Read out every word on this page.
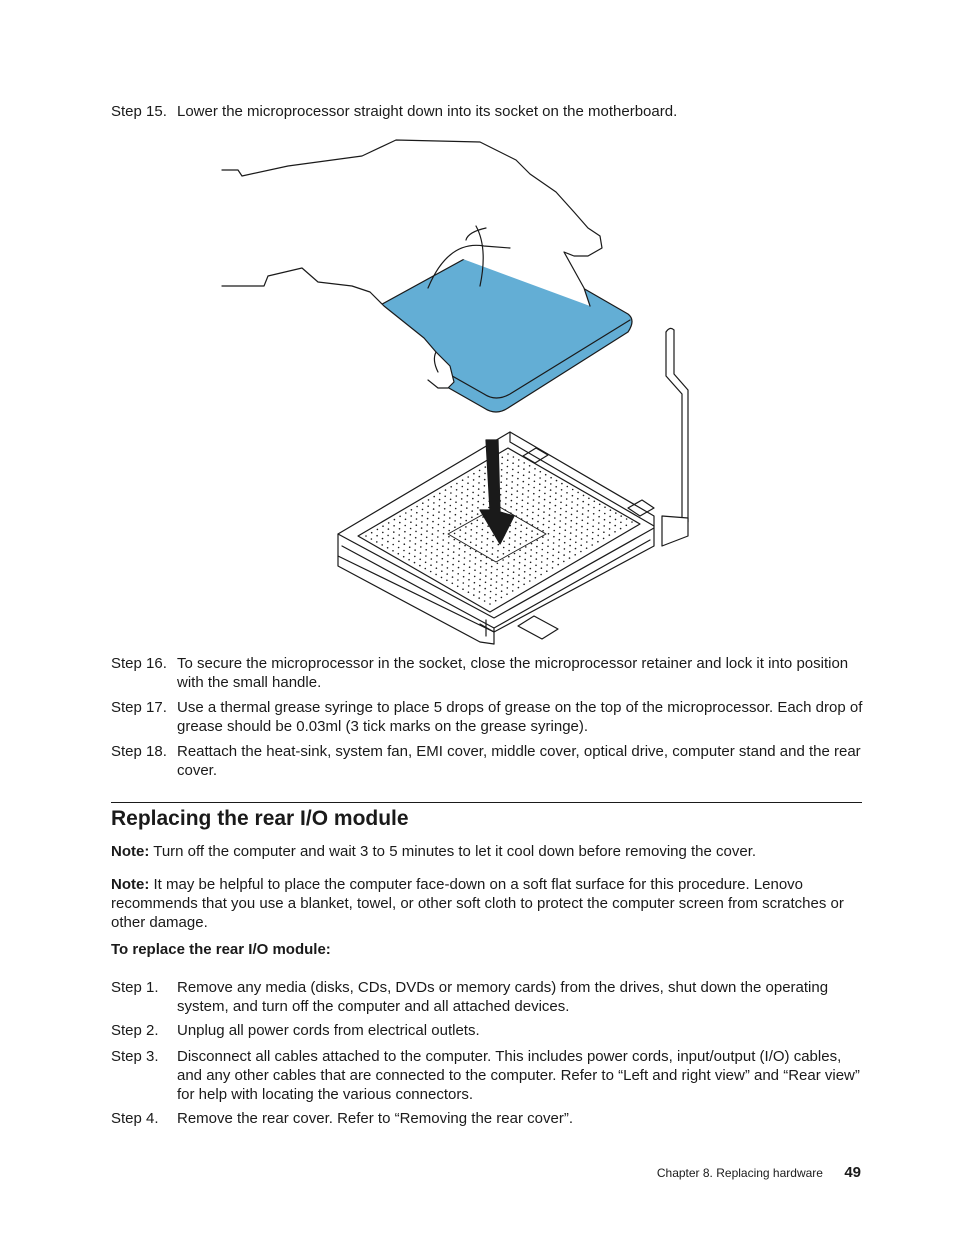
Step 15. Lower the microprocessor straight down into its socket on the motherboard.
Step 16. To secure the microprocessor in the socket, close the microprocessor retainer and lock it into position with the small handle.
Step 17. Use a thermal grease syringe to place 5 drops of grease on the top of the microprocessor. Each drop of grease should be 0.03ml (3 tick marks on the grease syringe).
Step 18. Reattach the heat-sink, system fan, EMI cover, middle cover, optical drive, computer stand and the rear cover.
Replacing the rear I/O module
Note: Turn off the computer and wait 3 to 5 minutes to let it cool down before removing the cover.
Note: It may be helpful to place the computer face-down on a soft flat surface for this procedure. Lenovo recommends that you use a blanket, towel, or other soft cloth to protect the computer screen from scratches or other damage.
To replace the rear I/O module:
Step 1. Remove any media (disks, CDs, DVDs or memory cards) from the drives, shut down the operating system, and turn off the computer and all attached devices.
Step 2. Unplug all power cords from electrical outlets.
Step 3. Disconnect all cables attached to the computer. This includes power cords, input/output (I/O) cables, and any other cables that are connected to the computer. Refer to “Left and right view” and “Rear view” for help with locating the various connectors.
Step 4. Remove the rear cover. Refer to “Removing the rear cover”.
Chapter 8. Replacing hardware 49
